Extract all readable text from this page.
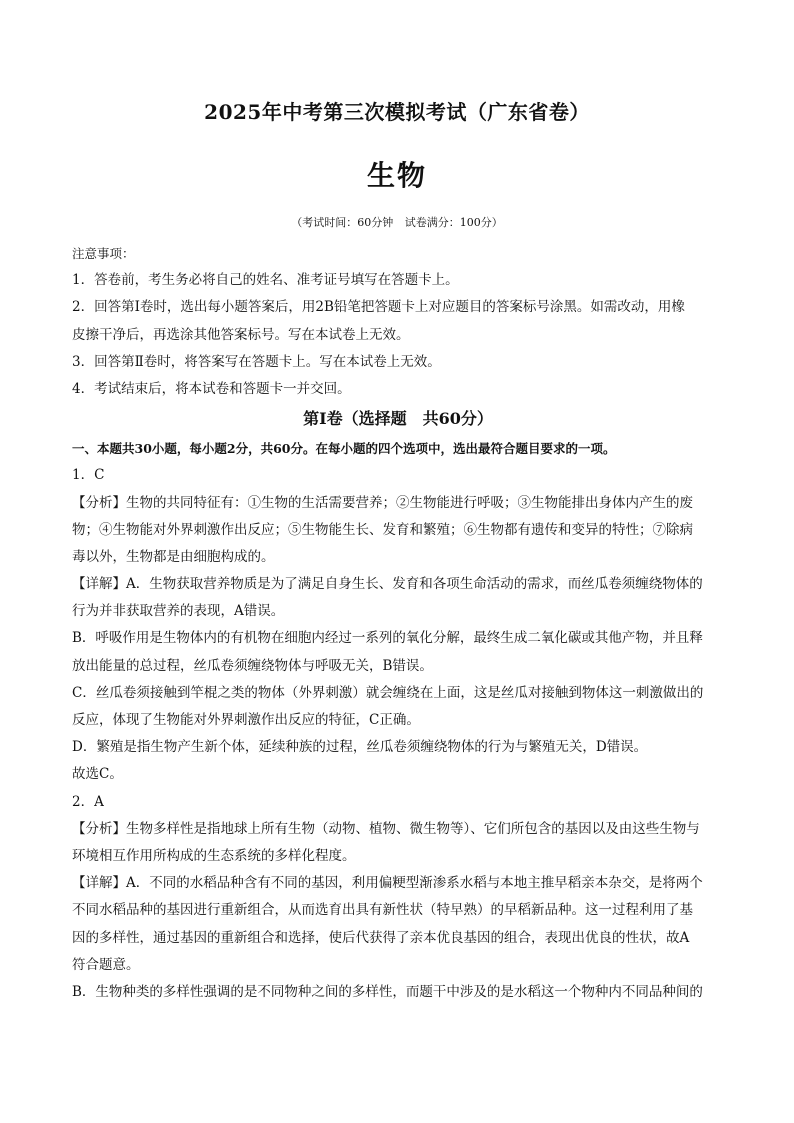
2025年中考第三次模拟考试（广东省卷）
生物
（考试时间：60分钟 试卷满分：100分）
注意事项：
1．答卷前，考生务必将自己的姓名、准考证号填写在答题卡上。
2．回答第Ⅰ卷时，选出每小题答案后，用2B铅笔把答题卡上对应题目的答案标号涂黑。如需改动，用橡
皮擦干净后，再选涂其他答案标号。写在本试卷上无效。
3．回答第Ⅱ卷时，将答案写在答题卡上。写在本试卷上无效。
4．考试结束后，将本试卷和答题卡一并交回。
第Ⅰ卷（选择题　共60分）
一、本题共30小题，每小题2分，共60分。在每小题的四个选项中，选出最符合题目要求的一项。
1．C
【分析】生物的共同特征有：①生物的生活需要营养；②生物能进行呼吸；③生物能排出身体内产生的废
物；④生物能对外界刺激作出反应；⑤生物能生长、发育和繁殖；⑥生物都有遗传和变异的特性；⑦除病
毒以外，生物都是由细胞构成的。
【详解】A．生物获取营养物质是为了满足自身生长、发育和各项生命活动的需求，而丝瓜卷须缠绕物体的
行为并非获取营养的表现，A错误。
B．呼吸作用是生物体内的有机物在细胞内经过一系列的氧化分解，最终生成二氧化碳或其他产物，并且释
放出能量的总过程，丝瓜卷须缠绕物体与呼吸无关，B错误。
C．丝瓜卷须接触到竿棍之类的物体（外界刺激）就会缠绕在上面，这是丝瓜对接触到物体这一刺激做出的
反应，体现了生物能对外界刺激作出反应的特征，C正确。
D．繁殖是指生物产生新个体，延续种族的过程，丝瓜卷须缠绕物体的行为与繁殖无关，D错误。
故选C。
2．A
【分析】生物多样性是指地球上所有生物（动物、植物、微生物等）、它们所包含的基因以及由这些生物与
环境相互作用所构成的生态系统的多样化程度。
【详解】A．不同的水稻品种含有不同的基因，利用偏粳型渐渗系水稻与本地主推早稻亲本杂交，是将两个
不同水稻品种的基因进行重新组合，从而选育出具有新性状（特早熟）的早稻新品种。这一过程利用了基
因的多样性，通过基因的重新组合和选择，使后代获得了亲本优良基因的组合，表现出优良的性状，故A
符合题意。
B．生物种类的多样性强调的是不同物种之间的多样性，而题干中涉及的是水稻这一个物种内不同品种间的
